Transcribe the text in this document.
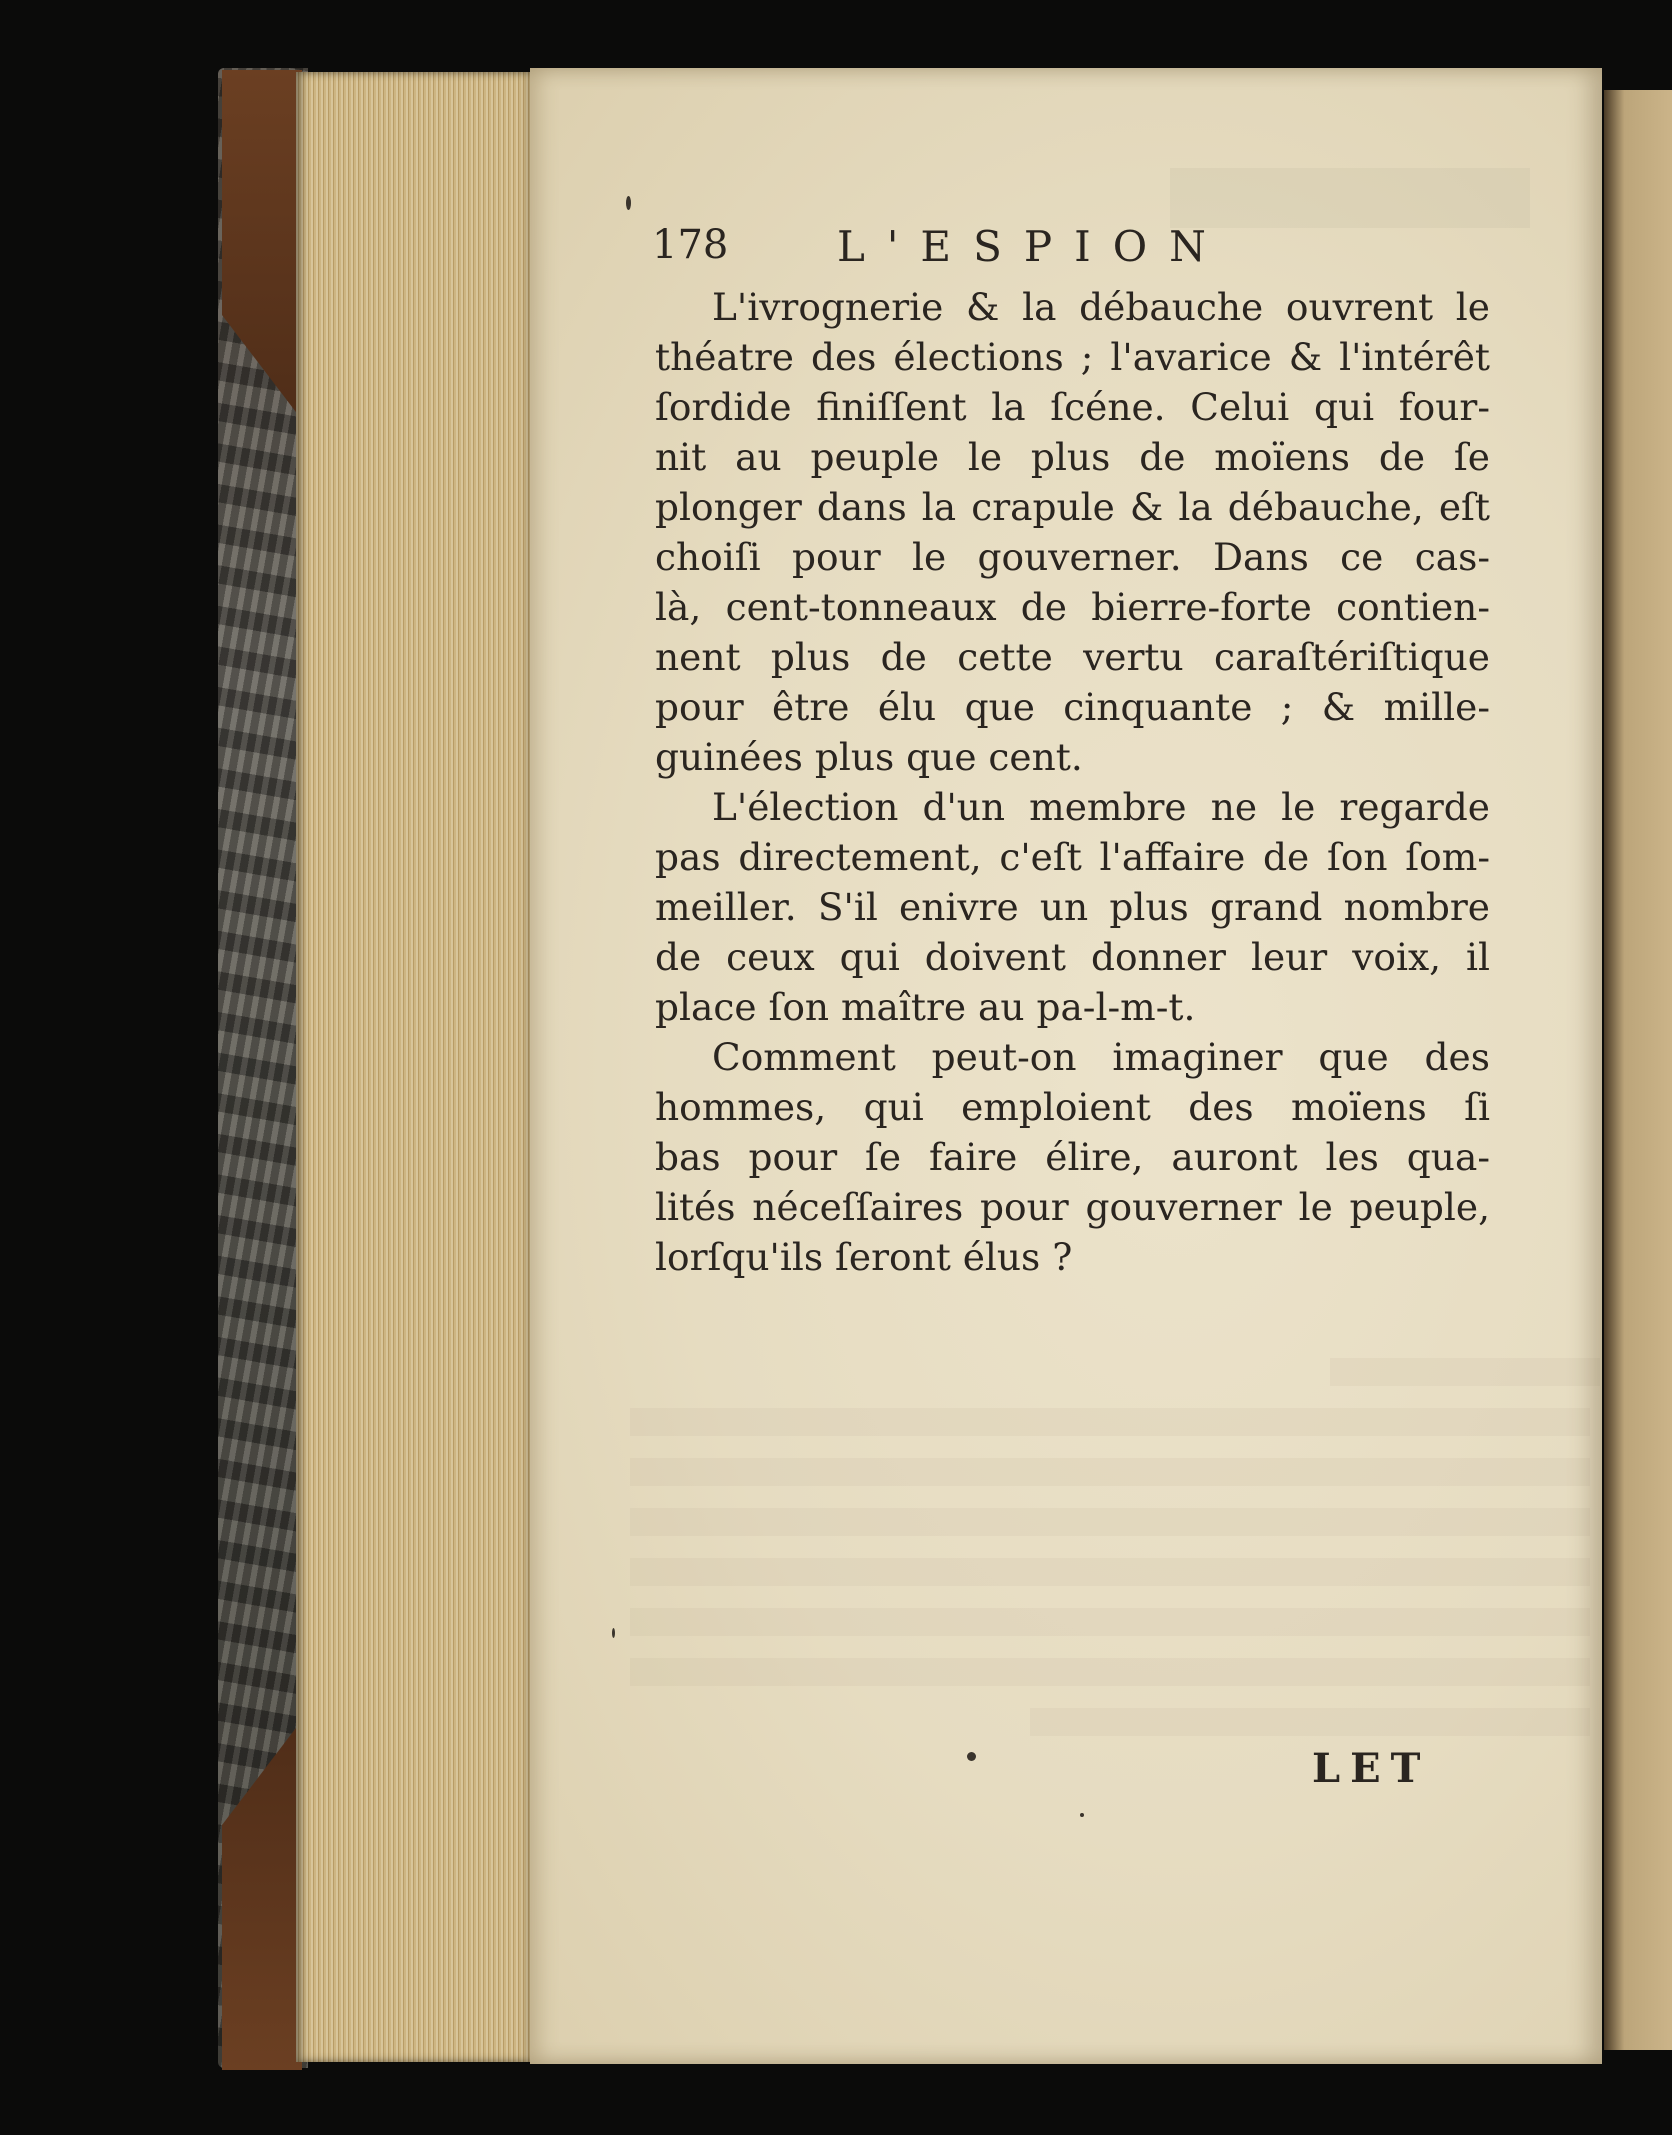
178	L'ESPION

L'ivrognerie & la débauche ouvrent le
théatre des élections ; l'avarice & l'intérêt
ſordide finiſſent la ſcéne. Celui qui four-
nit au peuple le plus de moïens de ſe
plonger dans la crapule & la débauche, eſt
choiſi pour le gouverner. Dans ce cas-
là, cent-tonneaux de bierre-forte contien-
nent plus de cette vertu caraſtériſtique
pour être élu que cinquante ; & mille-
guinées plus que cent.

L'élection d'un membre ne le regarde
pas directement, c'eſt l'affaire de ſon ſom-
meiller. S'il enivre un plus grand nombre
de ceux qui doivent donner leur voix, il
place ſon maître au pa-l-m-t.

Comment peut-on imaginer que des
hommes, qui emploient des moïens ſi
bas pour ſe faire élire, auront les qua-
lités néceſſaires pour gouverner le peuple,
lorſqu'ils ſeront élus ?

LET
